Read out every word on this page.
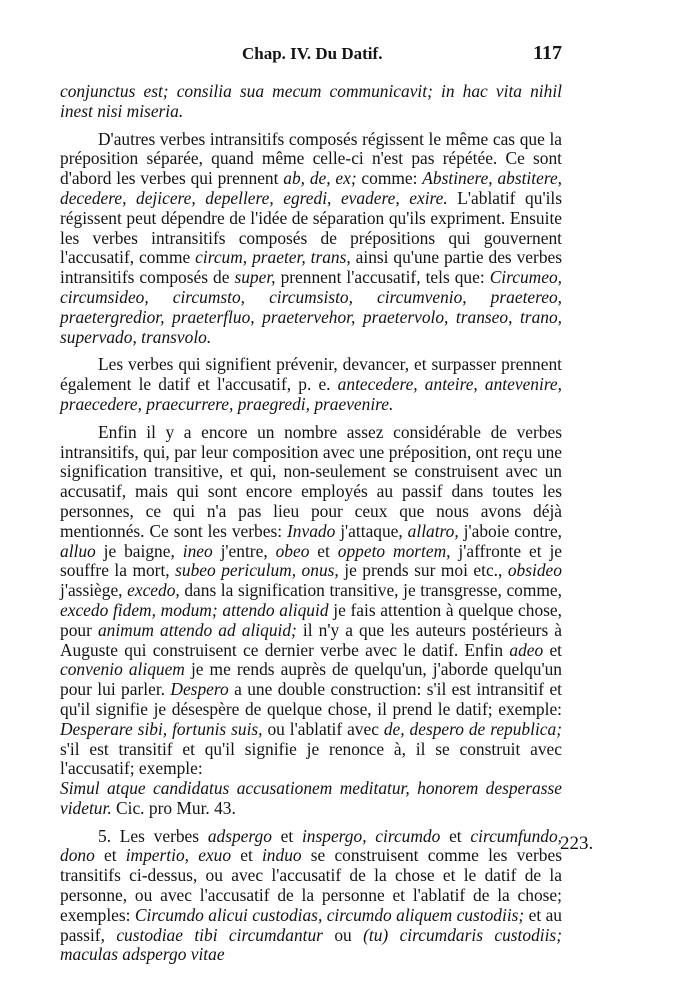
Chap. IV. Du Datif.	117

conjunctus est; consilia sua mecum communicavit; in hac vita nihil inest nisi miseria.

D'autres verbes intransitifs composés régissent le même cas que la préposition séparée, quand même celle-ci n'est pas répétée. Ce sont d'abord les verbes qui prennent ab, de, ex; comme: Abstinere, abstitere, decedere, dejicere, depellere, egredi, evadere, exire. L'ablatif qu'ils régissent peut dépendre de l'idée de séparation qu'ils expriment. Ensuite les verbes intransitifs composés de prépositions qui gouvernent l'accusatif, comme circum, praeter, trans, ainsi qu'une partie des verbes intransitifs composés de super, prennent l'accusatif, tels que: Circumeo, circumsideo, circumsto, circumsisto, circumvenio, praetereo, praetergredior, praeterfluo, praetervehor, praetervolo, transeo, trano, supervado, transvolo.

Les verbes qui signifient prévenir, devancer, et surpasser prennent également le datif et l'accusatif, p. e. antecedere, anteire, antevenire, praecedere, praecurrere, praegredi, praevenire.

Enfin il y a encore un nombre assez considérable de verbes intransitifs, qui, par leur composition avec une préposition, ont reçu une signification transitive, et qui, non-seulement se construisent avec un accusatif, mais qui sont encore employés au passif dans toutes les personnes, ce qui n'a pas lieu pour ceux que nous avons déjà mentionnés. Ce sont les verbes: Invado j'attaque, allatro, j'aboie contre, alluo je baigne, ineo j'entre, obeo et oppeto mortem, j'affronte et je souffre la mort, subeo periculum, onus, je prends sur moi etc., obsideo j'assiège, excedo, dans la signification transitive, je transgresse, comme, excedo fidem, modum; attendo aliquid je fais attention à quelque chose, pour animum attendo ad aliquid; il n'y a que les auteurs postérieurs à Auguste qui construisent ce dernier verbe avec le datif. Enfin adeo et convenio aliquem je me rends auprès de quelqu'un, j'aborde quelqu'un pour lui parler. Despero a une double construction: s'il est intransitif et qu'il signifie je désespère de quelque chose, il prend le datif; exemple: Desperare sibi, fortunis suis, ou l'ablatif avec de, despero de republica; s'il est transitif et qu'il signifie je renonce à, il se construit avec l'accusatif; exemple:

Simul atque candidatus accusationem meditatur, honorem desperasse videtur. Cic. pro Mur. 43.

5. Les verbes adspergo et inspergo, circumdo et circumfundo, dono et impertio, exuo et induo se construisent comme les verbes transitifs ci-dessus, ou avec l'accusatif de la chose et le datif de la personne, ou avec l'accusatif de la personne et l'ablatif de la chose; exemples: Circumdo alicui custodias, circumdo aliquem custodiis; et au passif, custodiae tibi circumdantur ou (tu) circumdaris custodiis; maculas adspergo vitae

223.
